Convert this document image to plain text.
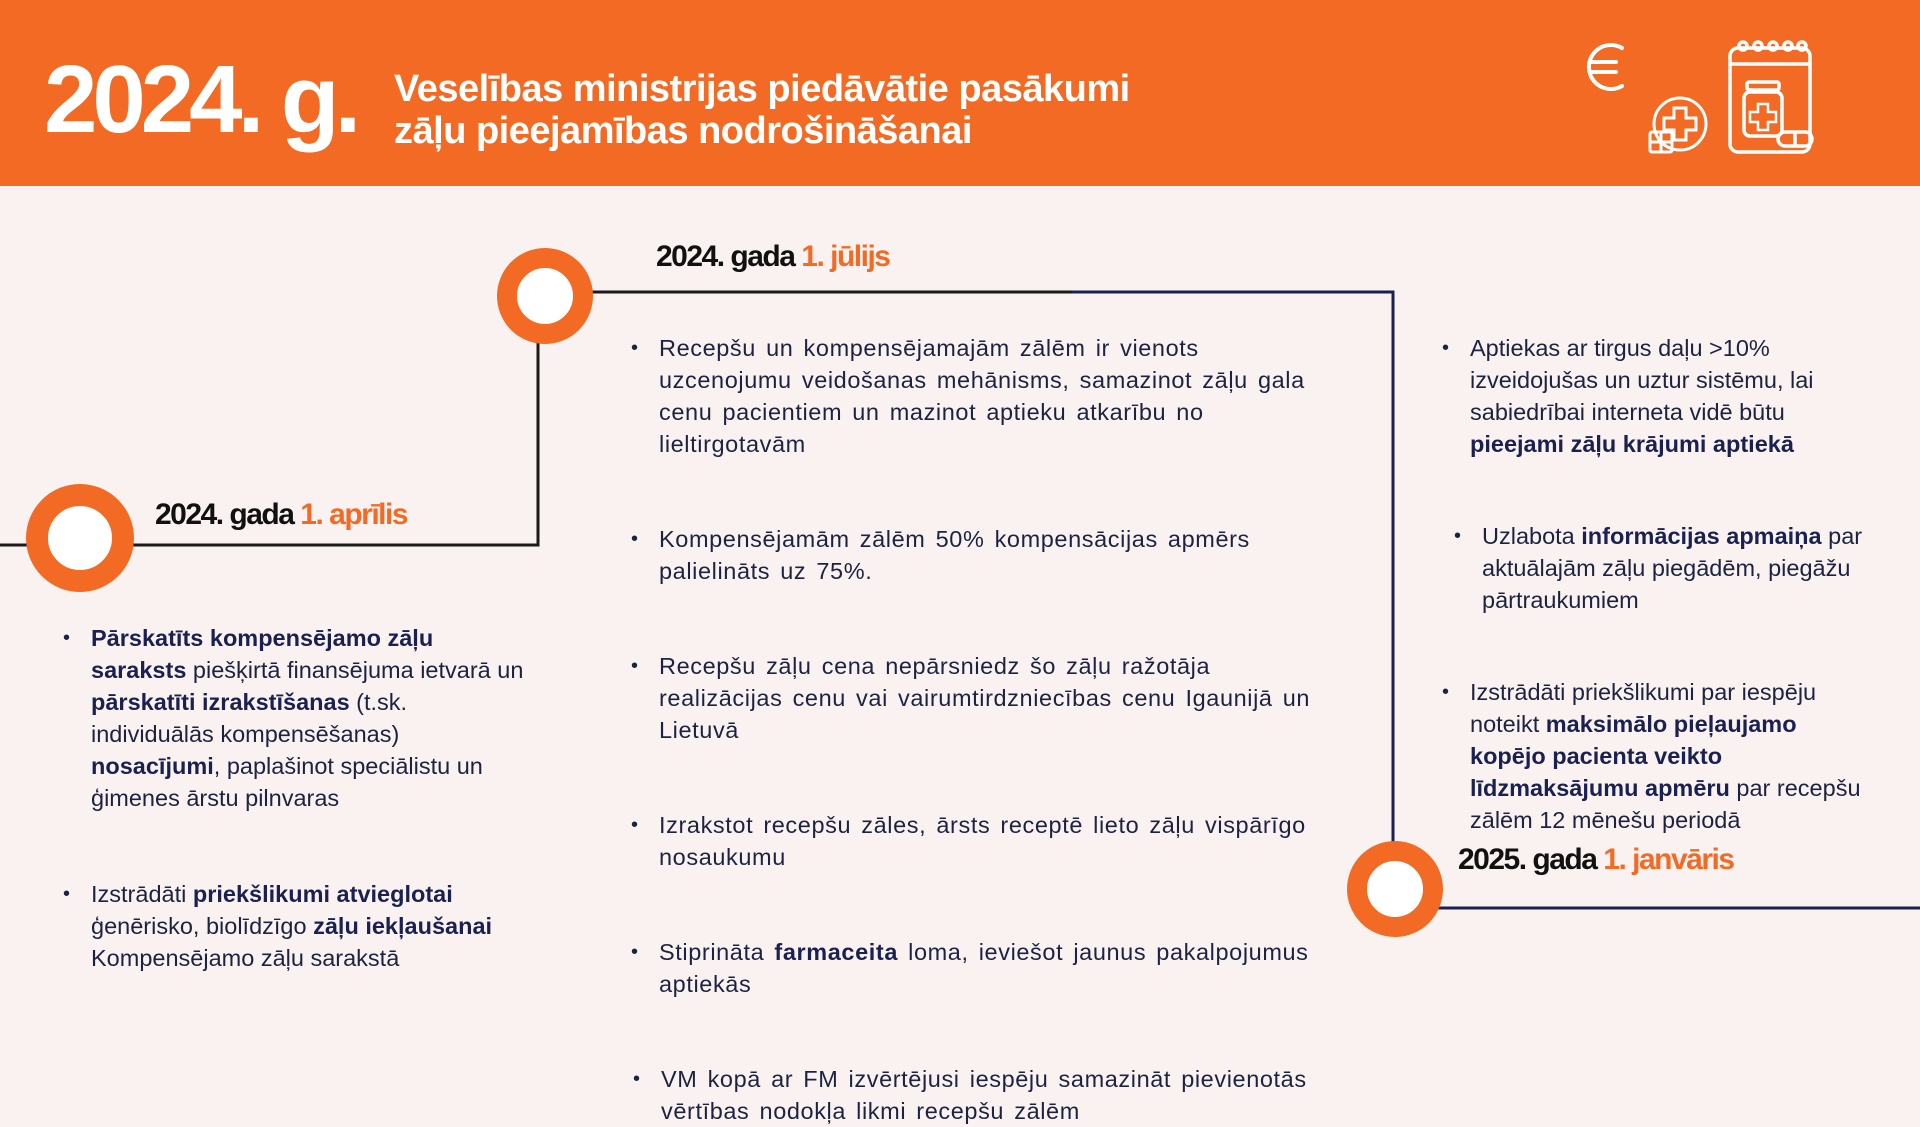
2024. g. Veselības ministrijas piedāvātie pasākumi
zāļu pieejamības nodrošināšanai
2024. gada 1. aprīlis
2024. gada 1. jūlijs
2025. gada 1. janvāris
• Pārskatīts kompensējamo zāļu saraksts piešķirtā finansējuma ietvarā un pārskatīti izrakstīšanas (t.sk. individuālās kompensēšanas) nosacījumi, paplašinot speciālistu un ģimenes ārstu pilnvaras
• Izstrādāti priekšlikumi atvieglotai ģenērisko, biolīdzīgo zāļu iekļaušanai Kompensējamo zāļu sarakstā
• Recepšu un kompensējamajām zālēm ir vienots uzcenojumu veidošanas mehānisms, samazinot zāļu gala cenu pacientiem un mazinot aptieku atkarību no lieltirgotavām
• Kompensējamām zālēm 50% kompensācijas apmērs palielināts uz 75%.
• Recepšu zāļu cena nepārsniedz šo zāļu ražotāja realizācijas cenu vai vairumtirdzniecības cenu Igaunijā un Lietuvā
• Izrakstot recepšu zāles, ārsts receptē lieto zāļu vispārīgo nosaukumu
• Stiprināta farmaceita loma, ieviešot jaunus pakalpojumus aptiekās
• VM kopā ar FM izvērtējusi iespēju samazināt pievienotās vērtības nodokļa likmi recepšu zālēm
• Aptiekas ar tirgus daļu >10% izveidojušas un uztur sistēmu, lai sabiedrībai interneta vidē būtu pieejami zāļu krājumi aptiekā
• Uzlabota informācijas apmaiņa par aktuālajām zāļu piegādēm, piegāžu pārtraukumiem
• Izstrādāti priekšlikumi par iespēju noteikt maksimālo pieļaujamo kopējo pacienta veikto līdzmaksājumu apmēru par recepšu zālēm 12 mēnešu periodā
